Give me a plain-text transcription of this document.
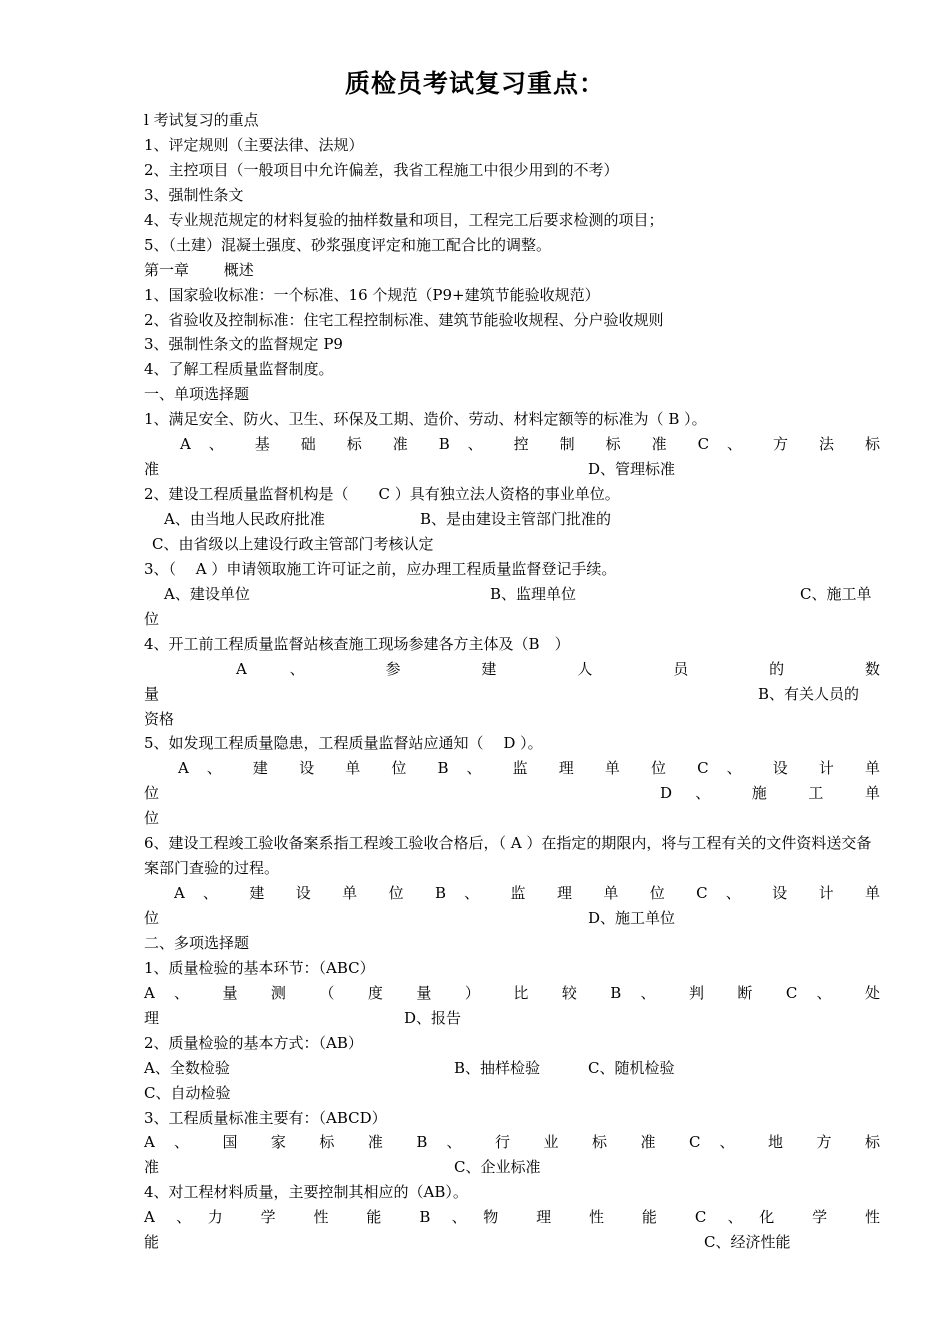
质检员考试复习重点：
l 考试复习的重点
1、评定规则（主要法律、法规）
2、主控项目（一般项目中允许偏差，我省工程施工中很少用到的不考）
3、强制性条文
4、专业规范规定的材料复验的抽样数量和项目，工程完工后要求检测的项目；
5、（土建）混凝土强度、砂浆强度评定和施工配合比的调整。
第一章　　 概述
1、国家验收标准：一个标准、16 个规范（P9+建筑节能验收规范）
2、省验收及控制标准：住宅工程控制标准、建筑节能验收规程、分户验收规则
3、强制性条文的监督规定 P9
4、了解工程质量监督制度。
一、单项选择题
1、满足安全、防火、卫生、环保及工期、造价、劳动、材料定额等的标准为（ B ）。
A 、 基 础 标 准 B 、 控 制 标 准 C 、 方 法 标
准	D、管理标准
2、建设工程质量监督机构是（　　C ）具有独立法人资格的事业单位。
A、由当地人民政府批准	B、是由建设主管部门批准的
C、由省级以上建设行政主管部门考核认定
3、（　 A ）申请领取施工许可证之前，应办理工程质量监督登记手续。
A、建设单位	B、监理单位	C、施工单
位
4、开工前工程质量监督站核查施工现场参建各方主体及（B　）
A 、 参 建 人 员 的 数
量	B、有关人员的
资格
5、如发现工程质量隐患，工程质量监督站应通知（　 D ）。
A 、 建 设 单 位 B 、 监 理 单 位 C 、 设 计 单
位	D 、 施 工 单
位
6、建设工程竣工验收备案系指工程竣工验收合格后，（ A ）在指定的期限内，将与工程有关的文件资料送交备案部门查验的过程。
A 、 建 设 单 位 B 、 监 理 单 位 C 、 设 计 单
位	D、施工单位
二、多项选择题
1、质量检验的基本环节：（ABC）
A 、 量 测 （ 度 量 ） 比 较 B 、 判 断 C 、 处
理	D、报告
2、质量检验的基本方式：（AB）
A、全数检验	B、抽样检验	C、随机检验
C、自动检验
3、工程质量标准主要有：（ABCD）
A 、 国 家 标 准 B 、 行 业 标 准 C 、 地 方 标
准	C、企业标准
4、对工程材料质量，主要控制其相应的（AB）。
A 、力 学 性 能 B 、物 理 性 能 C 、化 学 性
能	C、经济性能
